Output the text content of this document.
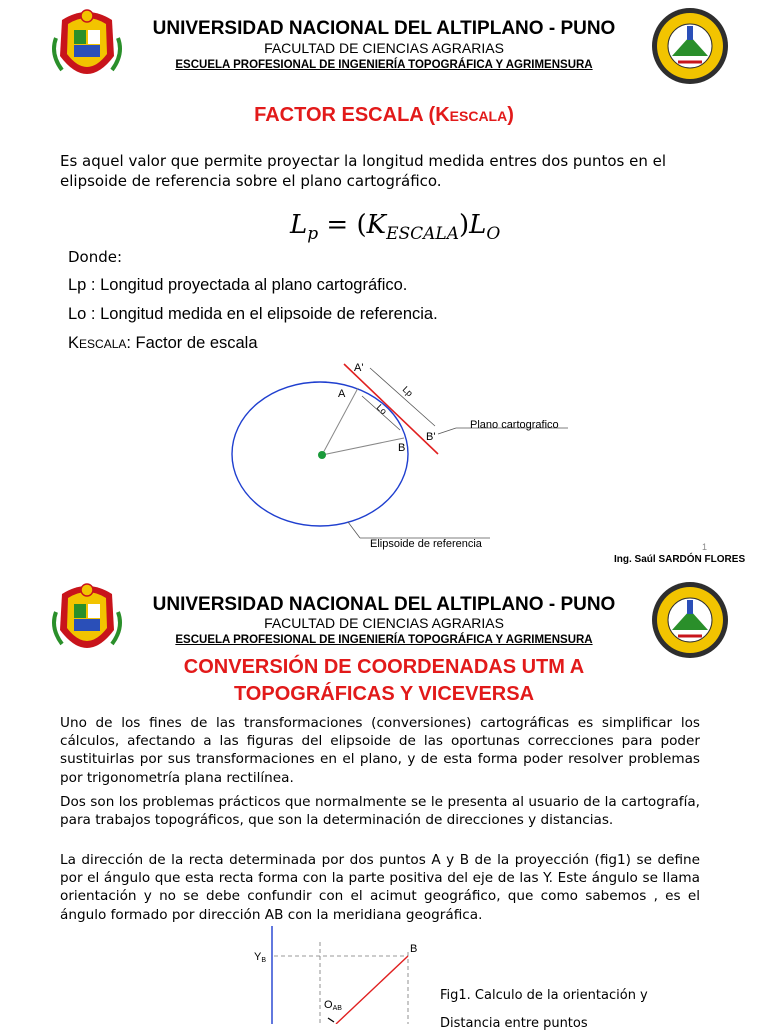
UNIVERSIDAD NACIONAL DEL ALTIPLANO - PUNO
FACULTAD DE CIENCIAS AGRARIAS
ESCUELA PROFESIONAL DE INGENIERÍA TOPOGRÁFICA Y AGRIMENSURA
FACTOR ESCALA (KESCALA)
Es aquel valor que permite proyectar la longitud medida entres dos puntos en el elipsoide de referencia sobre el plano cartográfico.
$L_p = (K_{ESCALA})L_O$
Donde:
Lp : Longitud proyectada al plano cartográfico.
Lo : Longitud medida en el elipsoide de referencia.
KESCALA: Factor de escala
A'
A
B
B'
Lp
Lo
Plano cartografico
Elipsoide de referencia	1
Ing. Saúl SARDÓN FLORES
UNIVERSIDAD NACIONAL DEL ALTIPLANO - PUNO
FACULTAD DE CIENCIAS AGRARIAS
ESCUELA PROFESIONAL DE INGENIERÍA TOPOGRÁFICA Y AGRIMENSURA
CONVERSIÓN DE COORDENADAS UTM A
TOPOGRÁFICAS Y VICEVERSA
Uno de los fines de las transformaciones (conversiones) cartográficas es simplificar los cálculos, afectando a las figuras del elipsoide de las oportunas correcciones para poder sustituirlas por sus transformaciones en el plano, y de esta forma poder resolver problemas por trigonometría plana rectilínea.
Dos son los problemas prácticos que normalmente se le presenta al usuario de la cartografía, para trabajos topográficos, que son la determinación de direcciones y distancias.
La dirección de la recta determinada por dos puntos A y B de la proyección (fig1) se define por el ángulo que esta recta forma con la parte positiva del eje de las Y. Este ángulo se llama orientación y no se debe confundir con el acimut geográfico, que como sabemos , es el ángulo formado por dirección AB con la meridiana geográfica.
YB
B
OAB
Fig1. Calculo de la orientación y
Distancia entre puntos
